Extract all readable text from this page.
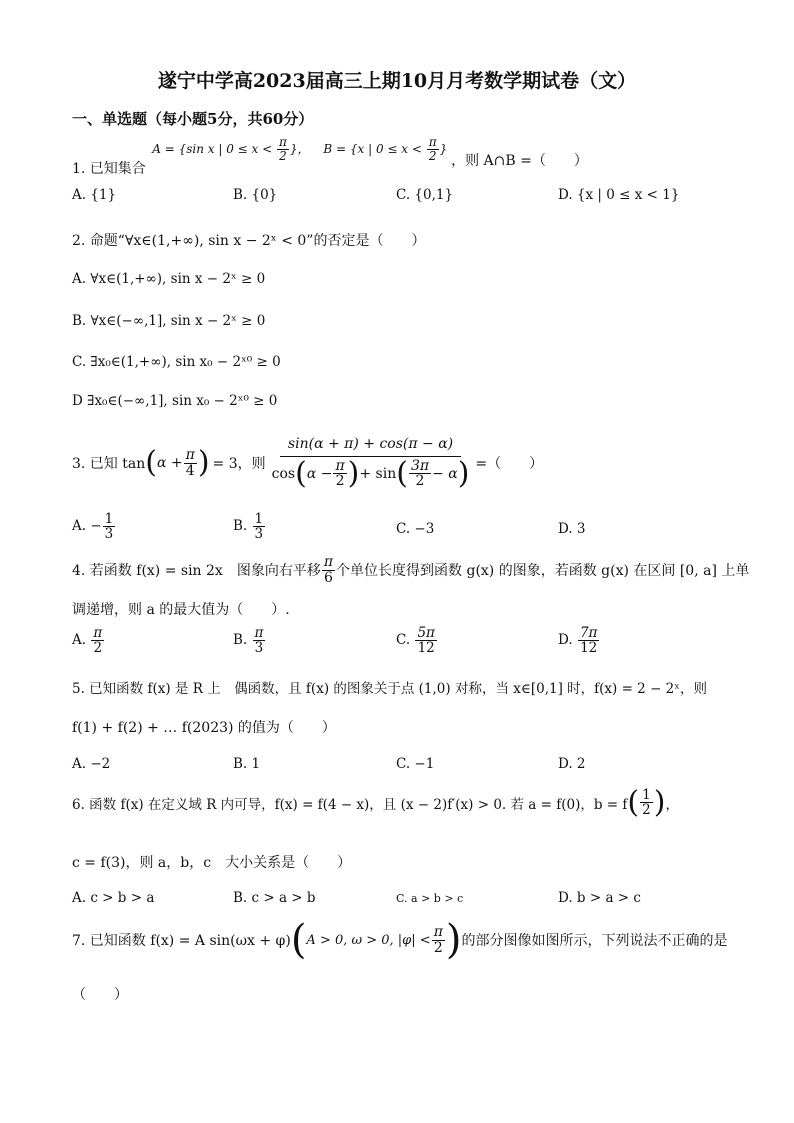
遂宁中学高2023届高三上期10月月考数学期试卷（文）
一、单选题（每小题5分，共60分）
1. 已知集合 A = {sin x | $0 \le x < \frac{\pi}{2}$ }， B = {x | $0 \le x < \frac{\pi}{2}$ } ，则 A∩B =（　　）
A. {1}	B. {0}	C. {0,1}	D. {x | 0 ≤ x < 1}
2. 命题“∀x∈(1,+∞), sin x − 2ˣ < 0”的否定是（　　）
A. ∀x∈(1,+∞), sin x − 2ˣ ≥ 0
B. ∀x∈(−∞,1], sin x − 2ˣ ≥ 0
C. ∃x₀∈(1,+∞), sin x₀ − 2ˣ⁰ ≥ 0
D ∃x₀∈(−∞,1], sin x₀ − 2ˣ⁰ ≥ 0
3. 已知 tan ( $\alpha + \frac{\pi}{4}$ ) = 3，则
sin(α + π) + cos(π − α)
cos ( $\alpha - \frac{\pi}{2}$ ) + sin ( $\frac{3\pi}{2} - \alpha$ ) =（　　）
A. − $\frac{1}{3}$	B. $\frac{1}{3}$	C. −3	D. 3
4. 若函数 f(x) = sin 2x　图象向右平移 $\frac{\pi}{6}$ 个单位长度得到函数 g(x) 的图象，若函数 g(x) 在区间 [0, a] 上单
调递增，则 a 的最大值为（　　）.
A. $\frac{\pi}{2}$	B. $\frac{\pi}{3}$	C. $\frac{5\pi}{12}$	D. $\frac{7\pi}{12}$
5. 已知函数 f(x) 是 R 上　偶函数，且 f(x) 的图象关于点 (1,0) 对称，当 x∈[0,1] 时，f(x) = 2 − 2ˣ，则
f(1) + f(2) + … f(2023) 的值为（　　）
A. −2	B. 1	C. −1	D. 2
6. 函数 f(x) 在定义域 R 内可导，f(x) = f(4 − x)，且 (x − 2)f′(x) > 0. 若 a = f(0)，b = f ( $\frac{1}{2}$ ) ，
c = f(3)，则 a，b，c　大小关系是（　　）
A. c > b > a	B. c > a > b	C. a > b > c	D. b > a > c
7. 已知函数 f(x) = A sin(ωx + φ) ( A > 0, ω > 0, $|\varphi| < \frac{\pi}{2}$ ) 的部分图像如图所示，下列说法不正确的是
（　　）
